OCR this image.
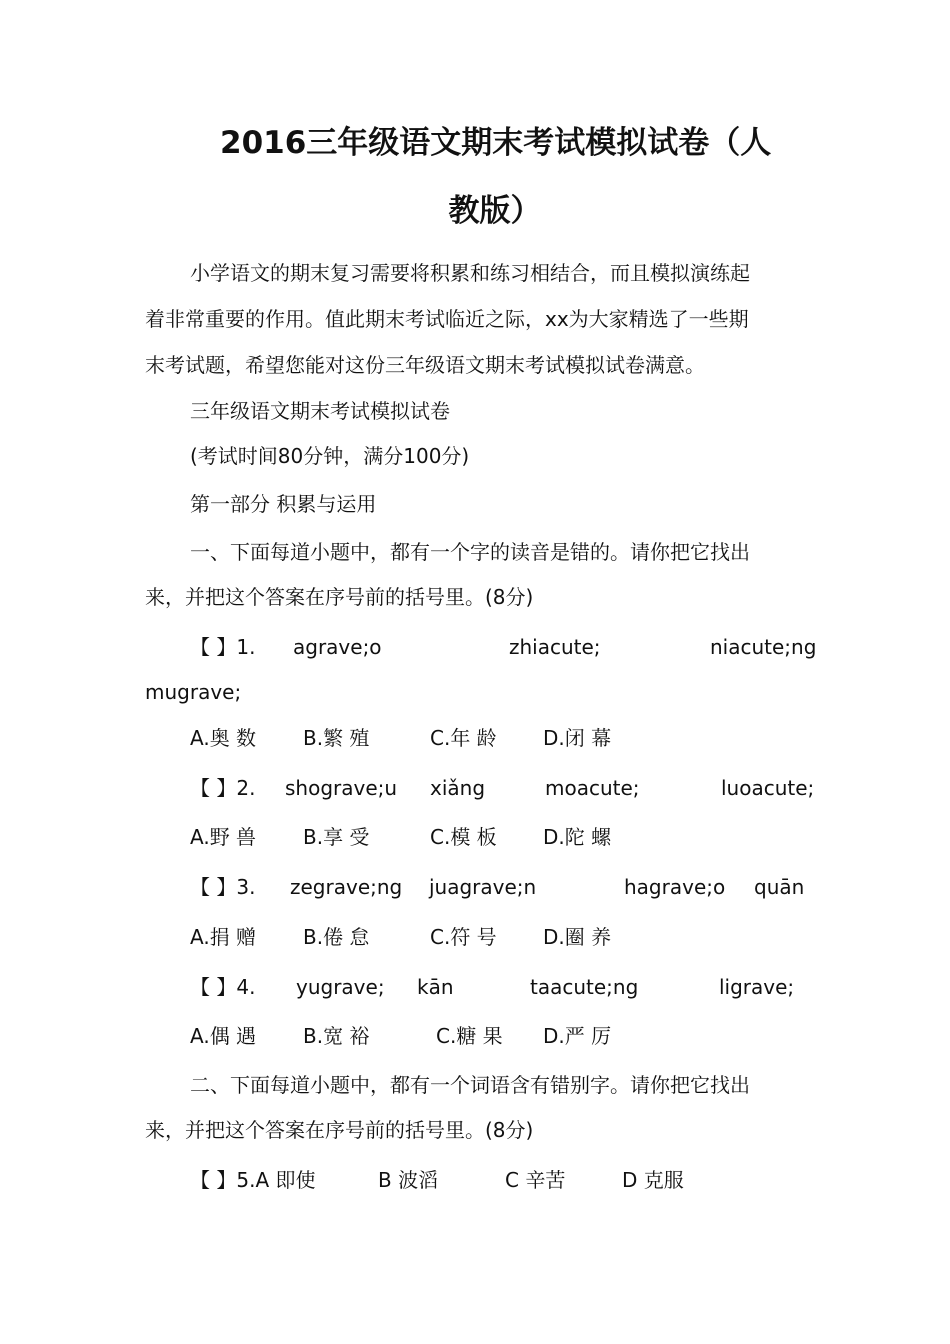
2016三年级语文期末考试模拟试卷（人
教版）
小学语文的期末复习需要将积累和练习相结合，而且模拟演练起
着非常重要的作用。值此期末考试临近之际，xx为大家精选了一些期
末考试题，希望您能对这份三年级语文期末考试模拟试卷满意。
三年级语文期末考试模拟试卷
(考试时间80分钟，满分100分)
第一部分 积累与运用
一、下面每道小题中，都有一个字的读音是错的。请你把它找出
来，并把这个答案在序号前的括号里。(8分)
【 】1. agrave;o	zhiacute;	niacute;ng
mugrave;
A.奥 数 B.繁 殖	C.年 龄 D.闭 幕
【 】2. shograve;u xiǎng	moacute;	luoacute;
A.野 兽 B.享 受	C.模 板 D.陀 螺
【 】3. zegrave;ng juagrave;n	hagrave;o quān
A.捐 赠 B.倦 怠	C.符 号 D.圈 养
【 】4. yugrave; kān	taacute;ng	ligrave;
A.偶 遇 B.宽 裕	C.糖 果 D.严 厉
二、下面每道小题中，都有一个词语含有错别字。请你把它找出
来，并把这个答案在序号前的括号里。(8分)
【 】5.A 即使	B 波滔	C 辛苦	D 克服
